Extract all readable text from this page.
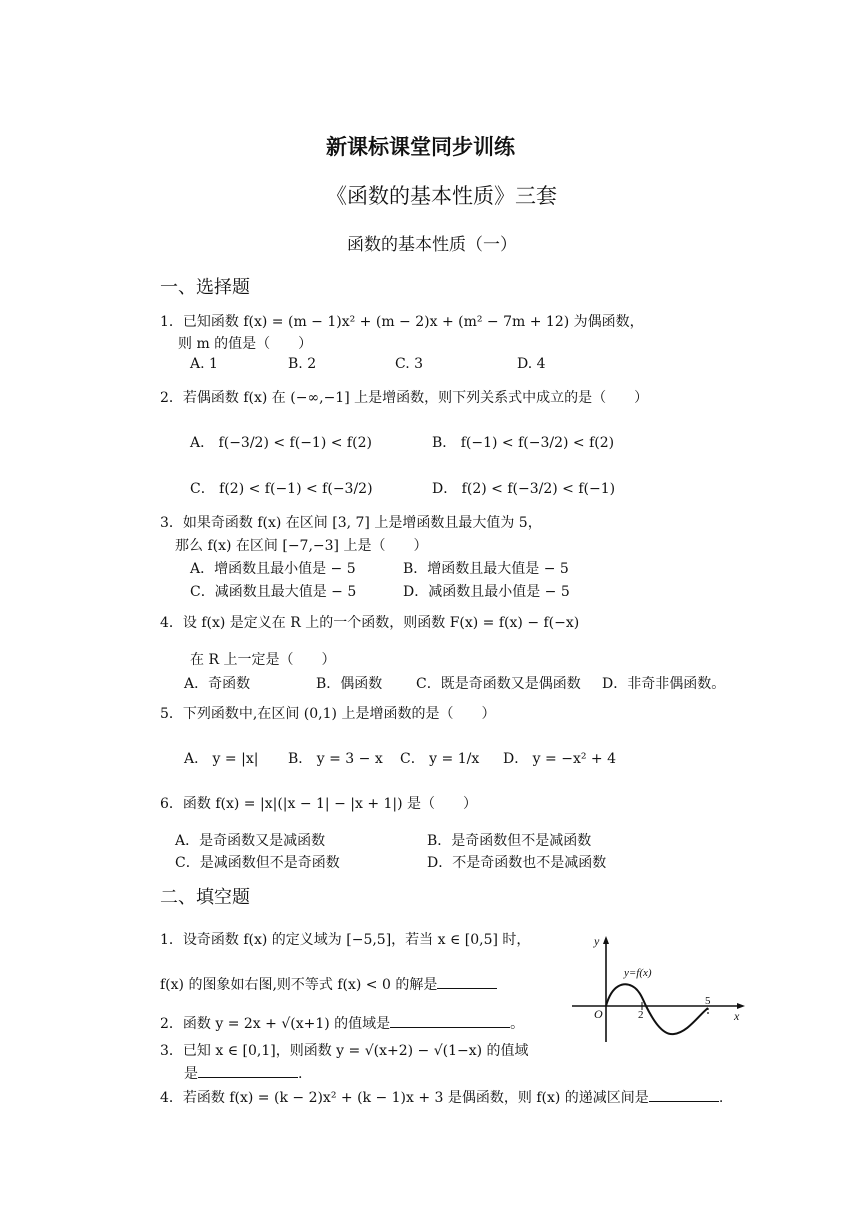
新课标课堂同步训练
《函数的基本性质》三套
函数的基本性质（一）
一、选择题
1．已知函数 f(x) = (m − 1)x² + (m − 2)x + (m² − 7m + 12) 为偶函数，
则 m 的值是（　　）
A. 1	B. 2	C. 3	D. 4
2．若偶函数 f(x) 在 (−∞,−1] 上是增函数，则下列关系式中成立的是（　　）
A． f(−3/2) < f(−1) < f(2)	B． f(−1) < f(−3/2) < f(2)
C． f(2) < f(−1) < f(−3/2)	D． f(2) < f(−3/2) < f(−1)
3．如果奇函数 f(x) 在区间 [3, 7] 上是增函数且最大值为 5，
那么 f(x) 在区间 [−7,−3] 上是（　　）
A．增函数且最小值是 − 5	B．增函数且最大值是 − 5
C．减函数且最大值是 − 5	D．减函数且最小值是 − 5
4．设 f(x) 是定义在 R 上的一个函数，则函数 F(x) = f(x) − f(−x)
在 R 上一定是（　　）
A．奇函数	B．偶函数 C．既是奇函数又是偶函数 D．非奇非偶函数。
5．下列函数中,在区间 (0,1) 上是增函数的是（　　）
A． y = |x| B． y = 3 − x C． y = 1/x D． y = −x² + 4
6．函数 f(x) = |x|(|x − 1| − |x + 1|) 是（　　）
A．是奇函数又是减函数	B．是奇函数但不是减函数
C．是减函数但不是奇函数	D．不是奇函数也不是减函数
二、填空题
1．设奇函数 f(x) 的定义域为 [−5,5]，若当 x ∈ [0,5] 时，
f(x) 的图象如右图,则不等式 f(x) < 0 的解是
2．函数 y = 2x + √(x+1) 的值域是	。
3．已知 x ∈ [0,1]，则函数 y = √(x+2) − √(1−x) 的值域
是	.
4．若函数 f(x) = (k − 2)x² + (k − 1)x + 3 是偶函数，则 f(x) 的递减区间是	.
y
x
O	2
5
y=f(x)
